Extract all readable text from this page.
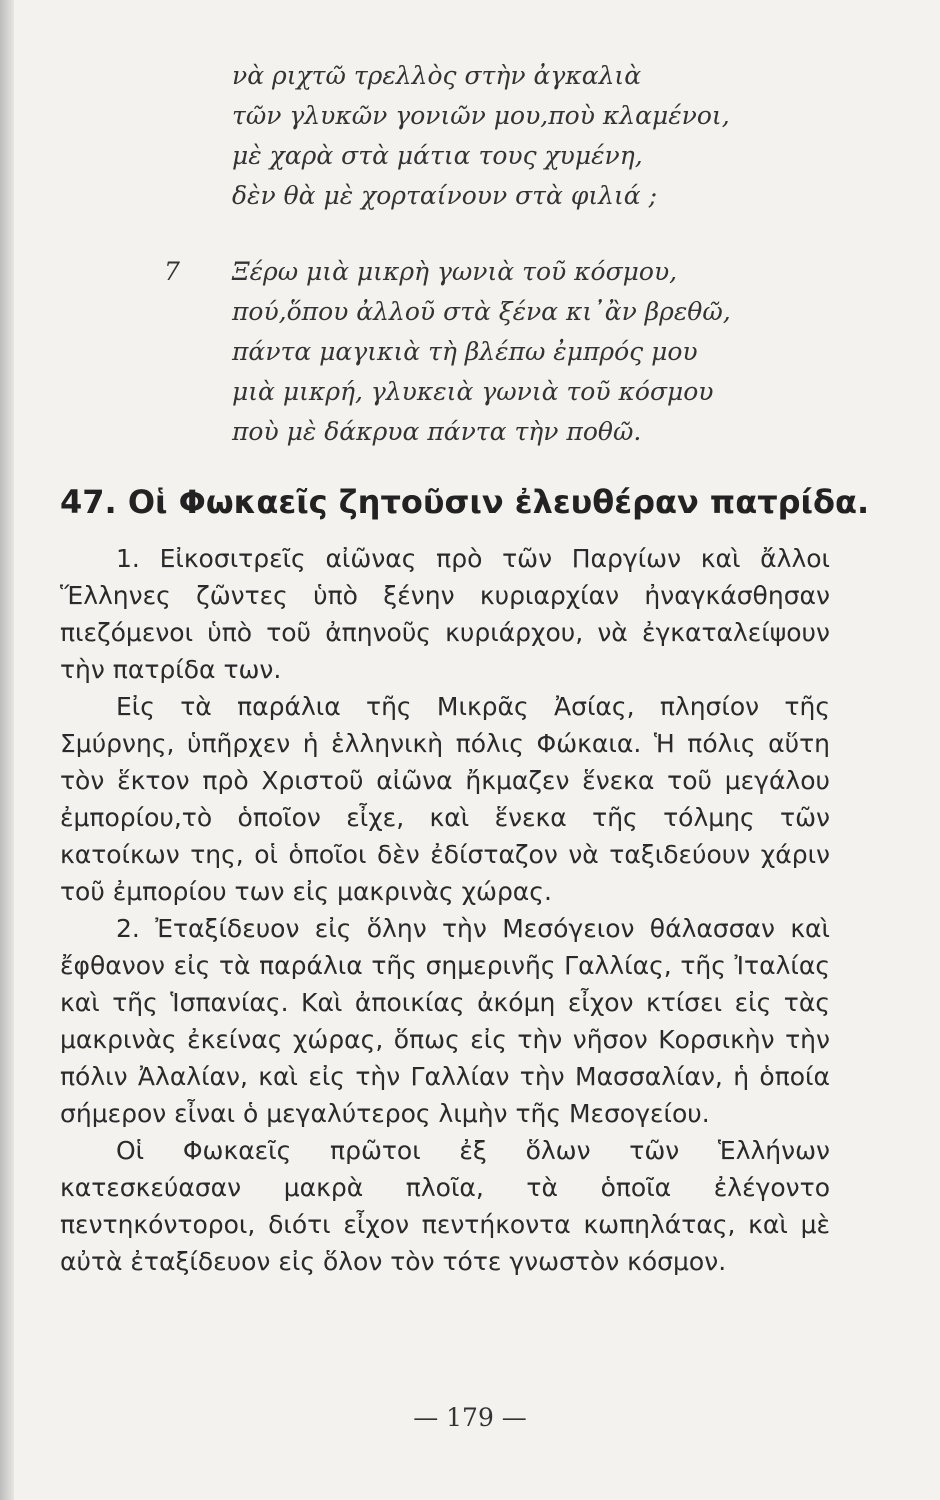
νὰ ριχτῶ τρελλὸς στὴν ἀγκαλιὰ
τῶν γλυκῶν γονιῶν μου,ποὺ κλαμένοι,
μὲ χαρὰ στὰ μάτια τους χυμένη,
δὲν θὰ μὲ χορταίνουν στὰ φιλιά ;
7 Ξέρω μιὰ μικρὴ γωνιὰ τοῦ κόσμου,
πού,ὅπου ἀλλοῦ στὰ ξένα κι᾿ἂν βρεθῶ,
πάντα μαγικιὰ τὴ βλέπω ἐμπρός μου
μιὰ μικρή, γλυκειὰ γωνιὰ τοῦ κόσμου
ποὺ μὲ δάκρυα πάντα τὴν ποθῶ.
47. Οἱ Φωκαεῖς ζητοῦσιν ἐλευθέραν πατρίδα.

1. Εἰκοσιτρεῖς αἰῶνας πρὸ τῶν Παργίων καὶ ἄλλοι Ἕλληνες ζῶντες ὑπὸ ξένην κυριαρχίαν ἠναγκάσθησαν πιεζόμενοι ὑπὸ τοῦ ἀπηνοῦς κυριάρχου, νὰ ἐγκαταλείψουν τὴν πατρίδα των.

Εἰς τὰ παράλια τῆς Μικρᾶς Ἀσίας, πλησίον τῆς Σμύρνης, ὑπῆρχεν ἡ ἑλληνικὴ πόλις Φώκαια. Ἡ πόλις αὕτη τὸν ἕκτον πρὸ Χριστοῦ αἰῶνα ἤκμαζεν ἕνεκα τοῦ μεγάλου ἐμπορίου,τὸ ὁποῖον εἶχε, καὶ ἕνεκα τῆς τόλμης τῶν κατοίκων της, οἱ ὁποῖοι δὲν ἐδίσταζον νὰ ταξιδεύουν χάριν τοῦ ἐμπορίου των εἰς μακρινὰς χώρας.

2. Ἐταξίδευον εἰς ὅλην τὴν Μεσόγειον θάλασσαν καὶ ἔφθανον εἰς τὰ παράλια τῆς σημερινῆς Γαλλίας, τῆς Ἰταλίας καὶ τῆς Ἱσπανίας. Καὶ ἀποικίας ἀκόμη εἶχον κτίσει εἰς τὰς μακρινὰς ἐκείνας χώρας, ὅπως εἰς τὴν νῆσον Κορσικὴν τὴν πόλιν Ἀλαλίαν, καὶ εἰς τὴν Γαλλίαν τὴν Μασσαλίαν, ἡ ὁποία σήμερον εἶναι ὁ μεγαλύτερος λιμὴν τῆς Μεσογείου.

Οἱ Φωκαεῖς πρῶτοι ἐξ ὅλων τῶν Ἑλλήνων κατεσκεύασαν μακρὰ πλοῖα, τὰ ὁποῖα ἐλέγοντο πεντηκόντοροι, διότι εἶχον πεντήκοντα κωπηλάτας, καὶ μὲ αὐτὰ ἐταξίδευον εἰς ὅλον τὸν τότε γνωστὸν κόσμον.

— 179 —
